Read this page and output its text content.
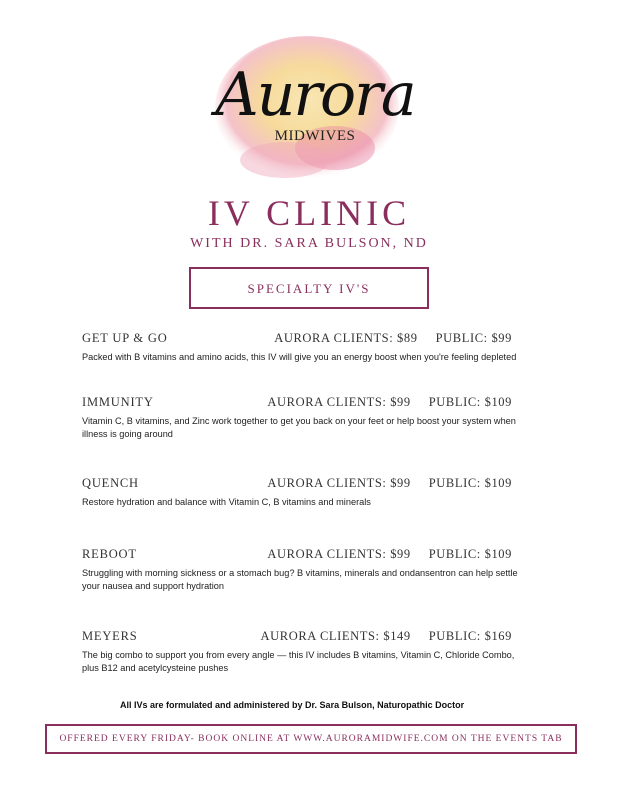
Aurora
MIDWIVES
IV CLINIC
WITH DR. SARA BULSON, ND
SPECIALTY IV'S
GET UP & GO	AURORA CLIENTS: $89 PUBLIC: $99
Packed with B vitamins and amino acids, this IV will give you an energy boost when you're feeling depleted
IMMUNITY	AURORA CLIENTS: $99 PUBLIC: $109
Vitamin C, B vitamins, and Zinc work together to get you back on your feet or help boost your system when illness is going around
QUENCH	AURORA CLIENTS: $99 PUBLIC: $109
Restore hydration and balance with Vitamin C, B vitamins and minerals
REBOOT	AURORA CLIENTS: $99 PUBLIC: $109
Struggling with morning sickness or a stomach bug? B vitamins, minerals and ondansentron can help settle your nausea and support hydration
MEYERS	AURORA CLIENTS: $149 PUBLIC: $169
The big combo to support you from every angle — this IV includes B vitamins, Vitamin C, Chloride Combo, plus B12 and acetylcysteine pushes
All IVs are formulated and administered by Dr. Sara Bulson, Naturopathic Doctor
OFFERED EVERY FRIDAY- BOOK ONLINE AT WWW.AURORAMIDWIFE.COM ON THE EVENTS TAB
